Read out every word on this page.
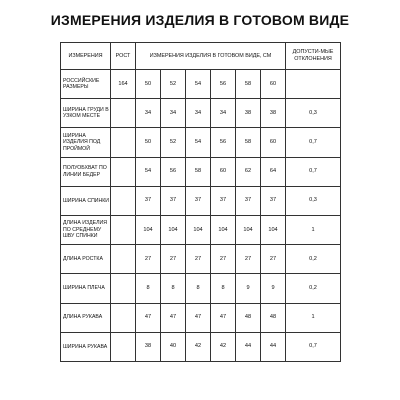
ИЗМЕРЕНИЯ ИЗДЕЛИЯ В ГОТОВОМ ВИДЕ
ИЗМЕРЕНИЯ	РОСТ	ИЗМЕРЕНИЯ ИЗДЕЛИЯ В ГОТОВОМ ВИДЕ, СМ						ДОПУСТИ-МЫЕ ОТКЛОНЕНИЯ
РОССИЙСКИЕ РАЗМЕРЫ	164	50	52	54	56	58	60	
ШИРИНА ГРУДИ В УЗКОМ МЕСТЕ		34	34	34	34	38	38	0,3
ШИРИНА ИЗДЕЛИЯ ПОД ПРОЙМОЙ		50	52	54	56	58	60	0,7
ПОЛУОБХВАТ ПО ЛИНИИ БЕДЕР		54	56	58	60	62	64	0,7
ШИРИНА СПИНКИ		37	37	37	37	37	37	0,3
ДЛИНА ИЗДЕЛИЯ ПО СРЕДНЕМУ ШВУ СПИНКИ		104	104	104	104	104	104	1
ДЛИНА РОСТКА		27	27	27	27	27	27	0,2
ШИРИНА ПЛЕЧА		8	8	8	8	9	9	0,2
ДЛИНА РУКАВА		47	47	47	47	48	48	1
ШИРИНА РУКАВА		38	40	42	42	44	44	0,7
